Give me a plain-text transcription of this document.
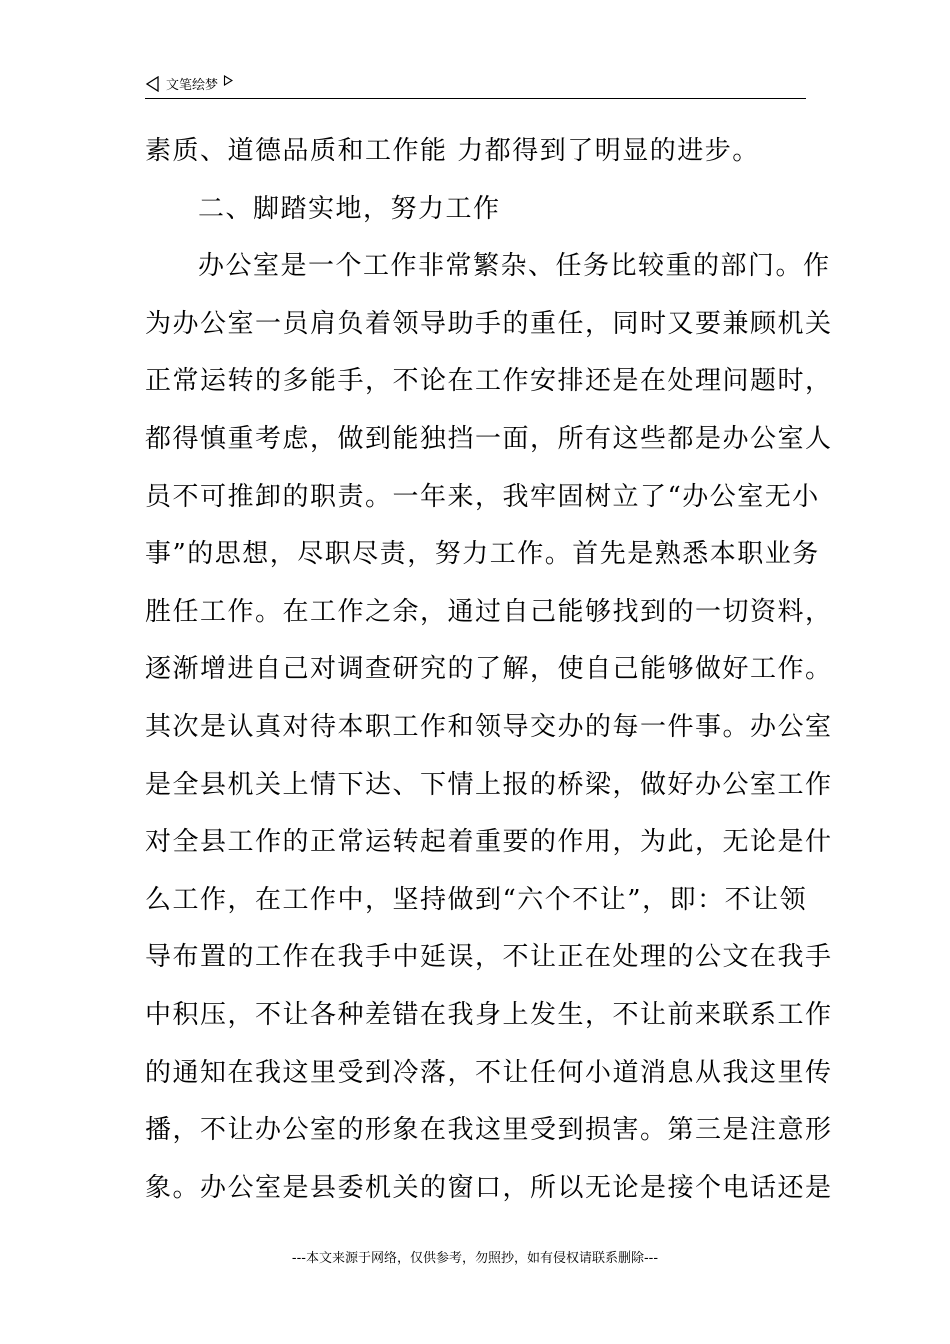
文笔绘梦
素质、道德品质和工作能 力都得到了明显的进步。
二、脚踏实地，努力工作
办公室是一个工作非常繁杂、任务比较重的部门。作
为办公室一员肩负着领导助手的重任，同时又要兼顾机关
正常运转的多能手，不论在工作安排还是在处理问题时，
都得慎重考虑，做到能独挡一面，所有这些都是办公室人
员不可推卸的职责。一年来，我牢固树立了“办公室无小
事”的思想，尽职尽责，努力工作。首先是熟悉本职业务
胜任工作。在工作之余，通过自己能够找到的一切资料，
逐渐增进自己对调查研究的了解，使自己能够做好工作。
其次是认真对待本职工作和领导交办的每一件事。办公室
是全县机关上情下达、下情上报的桥梁，做好办公室工作
对全县工作的正常运转起着重要的作用，为此，无论是什
么工作，在工作中，坚持做到“六个不让”，即：不让领
导布置的工作在我手中延误，不让正在处理的公文在我手
中积压，不让各种差错在我身上发生，不让前来联系工作
的通知在我这里受到冷落，不让任何小道消息从我这里传
播，不让办公室的形象在我这里受到损害。第三是注意形
象。办公室是县委机关的窗口，所以无论是接个电话还是
---本文来源于网络，仅供参考，勿照抄，如有侵权请联系删除---
